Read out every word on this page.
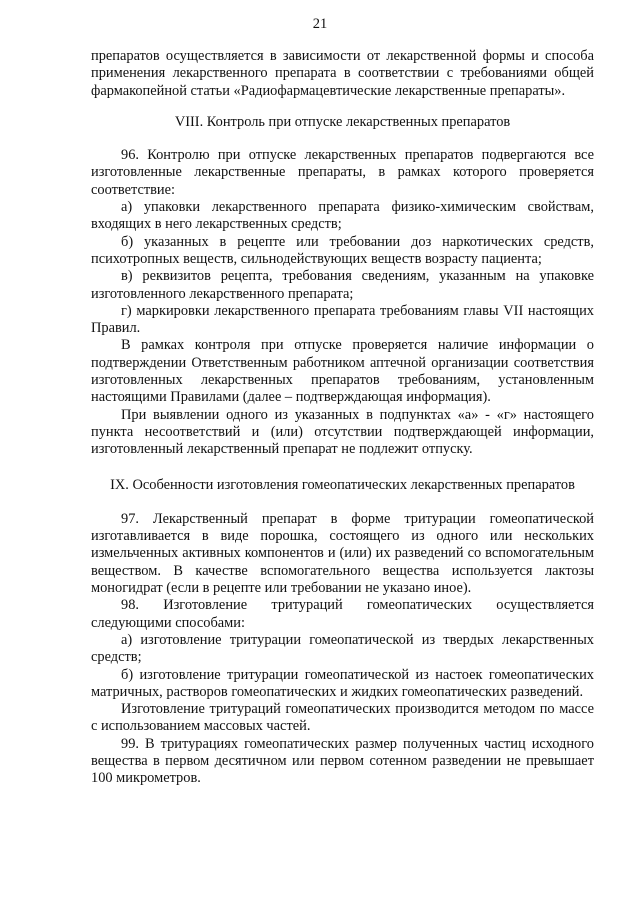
21

препаратов осуществляется в зависимости от лекарственной формы и способа применения лекарственного препарата в соответствии с требованиями общей фармакопейной статьи «Радиофармацевтические лекарственные препараты».

VIII. Контроль при отпуске лекарственных препаратов

96. Контролю при отпуске лекарственных препаратов подвергаются все изготовленные лекарственные препараты, в рамках которого проверяется соответствие:

а) упаковки лекарственного препарата физико-химическим свойствам, входящих в него лекарственных средств;

б) указанных в рецепте или требовании доз наркотических средств, психотропных веществ, сильнодействующих веществ возрасту пациента;

в) реквизитов рецепта, требования сведениям, указанным на упаковке изготовленного лекарственного препарата;

г) маркировки лекарственного препарата требованиям главы VII настоящих Правил.

В рамках контроля при отпуске проверяется наличие информации о подтверждении Ответственным работником аптечной организации соответствия изготовленных лекарственных препаратов требованиям, установленным настоящими Правилами (далее – подтверждающая информация).

При выявлении одного из указанных в подпунктах «а» - «г» настоящего пункта несоответствий и (или) отсутствии подтверждающей информации, изготовленный лекарственный препарат не подлежит отпуску.

IX. Особенности изготовления гомеопатических лекарственных препаратов

97. Лекарственный препарат в форме тритурации гомеопатической изготавливается в виде порошка, состоящего из одного или нескольких измельченных активных компонентов и (или) их разведений со вспомогательным веществом. В качестве вспомогательного вещества используется лактозы моногидрат (если в рецепте или требовании не указано иное).

98. Изготовление тритураций гомеопатических осуществляется следующими способами:

а) изготовление тритурации гомеопатической из твердых лекарственных средств;

б) изготовление тритурации гомеопатической из настоек гомеопатических матричных, растворов гомеопатических и жидких гомеопатических разведений.

Изготовление тритураций гомеопатических производится методом по массе с использованием массовых частей.

99. В тритурациях гомеопатических размер полученных частиц исходного вещества в первом десятичном или первом сотенном разведении не превышает 100 микрометров.
